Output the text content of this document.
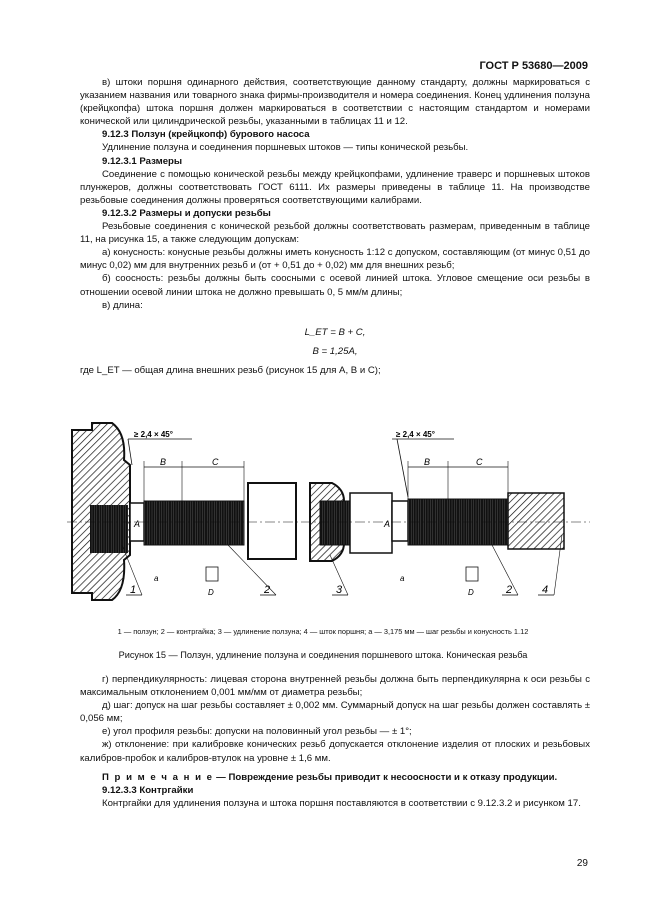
ГОСТ Р 53680—2009

в) штоки поршня одинарного действия, соответствующие данному стандарту, должны маркироваться с указанием названия или товарного знака фирмы-производителя и номера соединения. Конец удлинения ползуна (крейцкопфа) штока поршня должен маркироваться в соответствии с настоящим стандартом и номерами конической или цилиндрической резьбы, указанными в таблицах 11 и 12.

9.12.3 Ползун (крейцкопф) бурового насоса

Удлинение ползуна и соединения поршневых штоков — типы конической резьбы.

9.12.3.1 Размеры

Соединение с помощью конической резьбы между крейцкопфами, удлинение траверс и поршневых штоков плунжеров, должны соответствовать ГОСТ 6111. Их размеры приведены в таблице 11. На производстве резьбовые соединения должны проверяться соответствующими калибрами.

9.12.3.2 Размеры и допуски резьбы

Резьбовые соединения с конической резьбой должны соответствовать размерам, приведенным в таблице 11, на рисунка 15, а также следующим допускам:

а) конусность: конусные резьбы должны иметь конусность 1:12 с допуском, составляющим (от минус 0,51 до минус 0,02) мм для внутренних резьб и (от + 0,51 до + 0,02) мм для внешних резьб;

б) соосность: резьбы должны быть соосными с осевой линией штока. Угловое смещение оси резьбы в отношении осевой линии штока не должно превышать 0, 5 мм/м длины;

в) длина:

L_ET = B + C,

B = 1,25A,

где L_ET — общая длина внешних резьб (рисунок 15 для A, B и C);

≥ 2,4 × 45°	≥ 2,4 × 45°
B	C	B	C
A	A
D	D
a	a
1	2	3	2	4
1 — ползун; 2 — контргайка; 3 — удлинение ползуна; 4 — шток поршня; a — 3,175 мм — шаг резьбы и конусность 1.12
Рисунок 15 — Ползун, удлинение ползуна и соединения поршневого штока. Коническая резьба

г) перпендикулярность: лицевая сторона внутренней резьбы должна быть перпендикулярна к оси резьбы с максимальным отклонением 0,001 мм/мм от диаметра резьбы;

д) шаг: допуск на шаг резьбы составляет ± 0,002 мм. Суммарный допуск на шаг резьбы должен составлять ± 0,056 мм;

е) угол профиля резьбы: допуски на половинный угол резьбы — ± 1°;

ж) отклонение: при калибровке конических резьб допускается отклонение изделия от плоских и резьбовых калибров-пробок и калибров-втулок на уровне ± 1,6 мм.

П р и м е ч а н и е — Повреждение резьбы приводит к несоосности и к отказу продукции.

9.12.3.3 Контргайки

Контргайки для удлинения ползуна и штока поршня поставляются в соответствии с 9.12.3.2 и рисунком 17.

29
